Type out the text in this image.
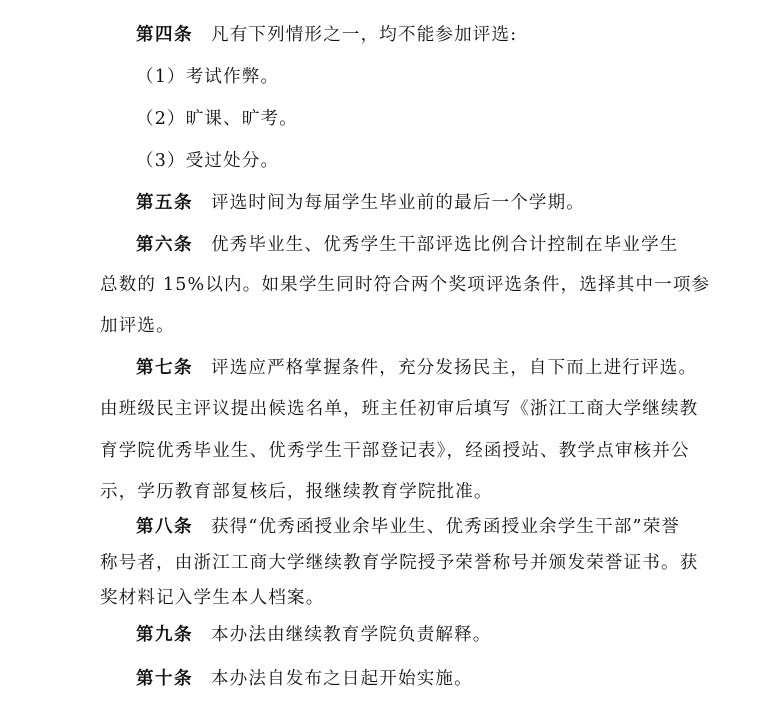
第四条 凡有下列情形之一，均不能参加评选:
（1）考试作弊。
（2）旷课、旷考。
（3）受过处分。
第五条 评选时间为每届学生毕业前的最后一个学期。
第六条 优秀毕业生、优秀学生干部评选比例合计控制在毕业学生
总数的 15%以内。如果学生同时符合两个奖项评选条件，选择其中一项参
加评选。
第七条 评选应严格掌握条件，充分发扬民主，自下而上进行评选。
由班级民主评议提出候选名单，班主任初审后填写《浙江工商大学继续教
育学院优秀毕业生、优秀学生干部登记表》，经函授站、教学点审核并公
示，学历教育部复核后，报继续教育学院批准。
第八条 获得“优秀函授业余毕业生、优秀函授业余学生干部”荣誉
称号者，由浙江工商大学继续教育学院授予荣誉称号并颁发荣誉证书。获
奖材料记入学生本人档案。
第九条 本办法由继续教育学院负责解释。
第十条 本办法自发布之日起开始实施。
